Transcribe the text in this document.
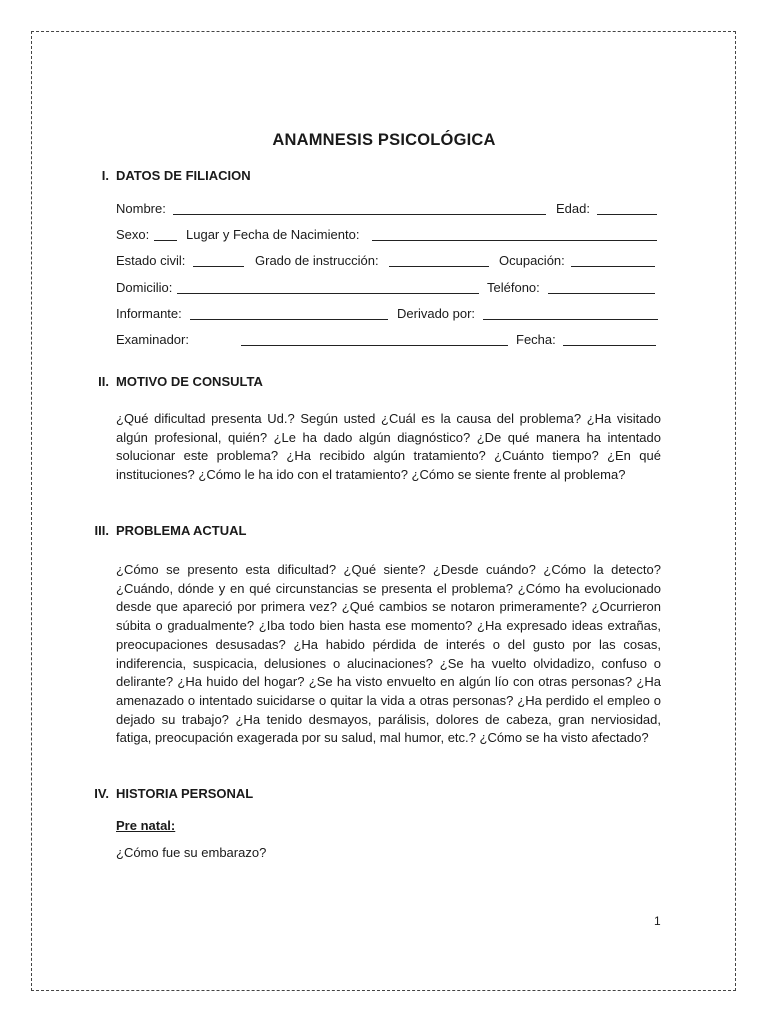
ANAMNESIS PSICOLÓGICA
I. DATOS DE FILIACION
Nombre:	Edad:
Sexo:	Lugar y Fecha de Nacimiento:
Estado civil:	Grado de instrucción:	Ocupación:
Domicilio:	Teléfono:
Informante:	Derivado por:
Examinador:	Fecha:
II. MOTIVO DE CONSULTA

¿Qué dificultad presenta Ud.? Según usted ¿Cuál es la causa del problema? ¿Ha visitado algún profesional, quién? ¿Le ha dado algún diagnóstico? ¿De qué manera ha intentado solucionar este problema? ¿Ha recibido algún tratamiento? ¿Cuánto tiempo? ¿En qué instituciones? ¿Cómo le ha ido con el tratamiento? ¿Cómo se siente frente al problema?

III. PROBLEMA ACTUAL

¿Cómo se presento esta dificultad? ¿Qué siente? ¿Desde cuándo? ¿Cómo la detecto? ¿Cuándo, dónde y en qué circunstancias se presenta el problema? ¿Cómo ha evolucionado desde que apareció por primera vez? ¿Qué cambios se notaron primeramente? ¿Ocurrieron súbita o gradualmente? ¿Iba todo bien hasta ese momento? ¿Ha expresado ideas extrañas, preocupaciones desusadas? ¿Ha habido pérdida de interés o del gusto por las cosas, indiferencia, suspicacia, delusiones o alucinaciones? ¿Se ha vuelto olvidadizo, confuso o delirante? ¿Ha huido del hogar? ¿Se ha visto envuelto en algún lío con otras personas? ¿Ha amenazado o intentado suicidarse o quitar la vida a otras personas? ¿Ha perdido el empleo o dejado su trabajo? ¿Ha tenido desmayos, parálisis, dolores de cabeza, gran nerviosidad, fatiga, preocupación exagerada por su salud, mal humor, etc.? ¿Cómo se ha visto afectado?

IV. HISTORIA PERSONAL
Pre natal:
¿Cómo fue su embarazo?
1
